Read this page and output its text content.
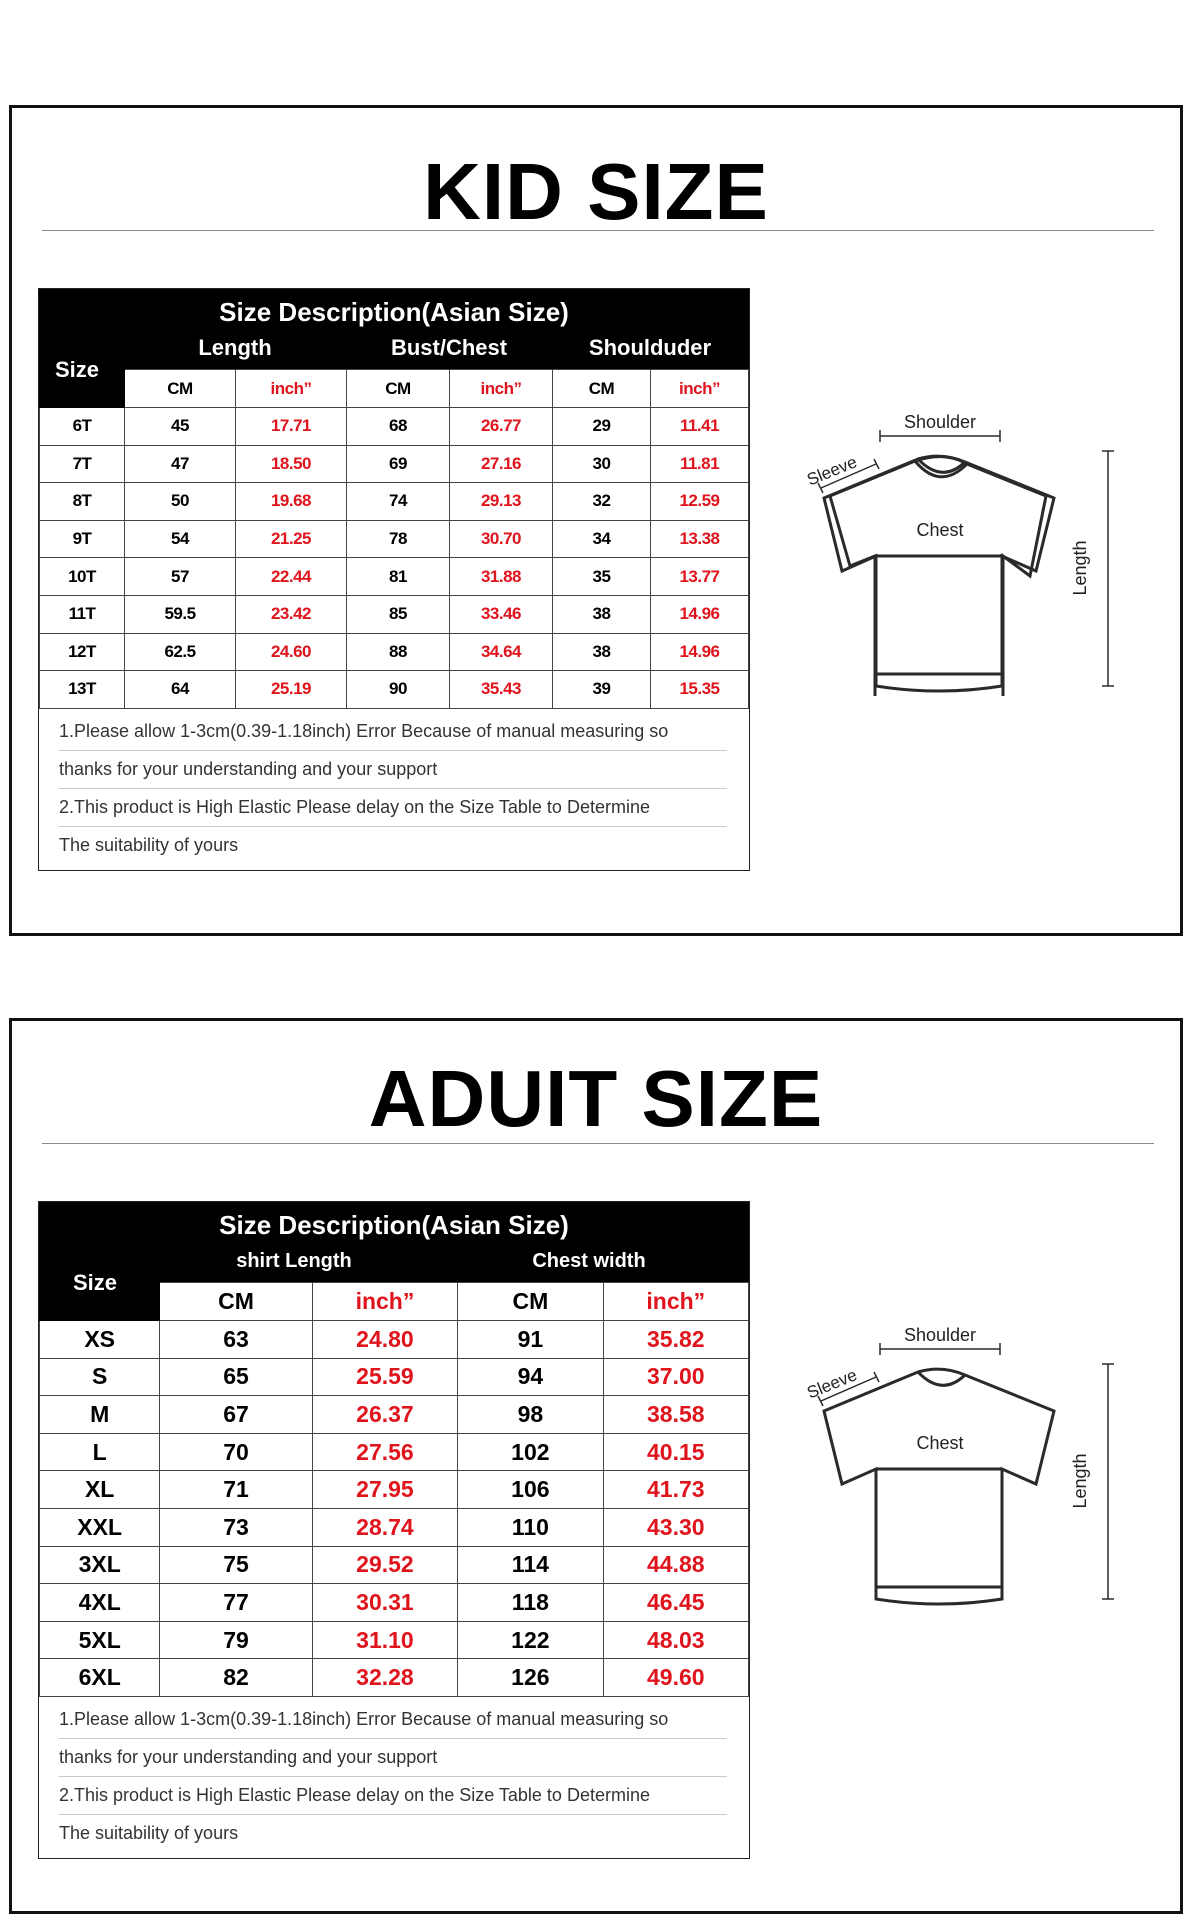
KID SIZE
Size Description(Asian Size)
Size
Length	Bust/Chest	Shoulduder
	CM	inch”	CM	inch”	CM	inch”
6T	45	17.71	68	26.77	29	11.41
7T	47	18.50	69	27.16	30	11.81
8T	50	19.68	74	29.13	32	12.59
9T	54	21.25	78	30.70	34	13.38
10T	57	22.44	81	31.88	35	13.77
11T	59.5	23.42	85	33.46	38	14.96
12T	62.5	24.60	88	34.64	38	14.96
13T	64	25.19	90	35.43	39	15.35
1.Please allow 1-3cm(0.39-1.18inch) Error Because of manual measuring so
thanks for your understanding and your support
2.This product is High Elastic Please delay on the Size Table to Determine
The suitability of yours
Shoulder
Sleeve
Chest
Length
ADUIT SIZE
Size Description(Asian Size)
Size
shirt Length	Chest width
	CM	inch”	CM	inch”
XS	63	24.80	91	35.82
S	65	25.59	94	37.00
M	67	26.37	98	38.58
L	70	27.56	102	40.15
XL	71	27.95	106	41.73
XXL	73	28.74	110	43.30
3XL	75	29.52	114	44.88
4XL	77	30.31	118	46.45
5XL	79	31.10	122	48.03
6XL	82	32.28	126	49.60
1.Please allow 1-3cm(0.39-1.18inch) Error Because of manual measuring so
thanks for your understanding and your support
2.This product is High Elastic Please delay on the Size Table to Determine
The suitability of yours
Shoulder
Sleeve
Chest
Length
